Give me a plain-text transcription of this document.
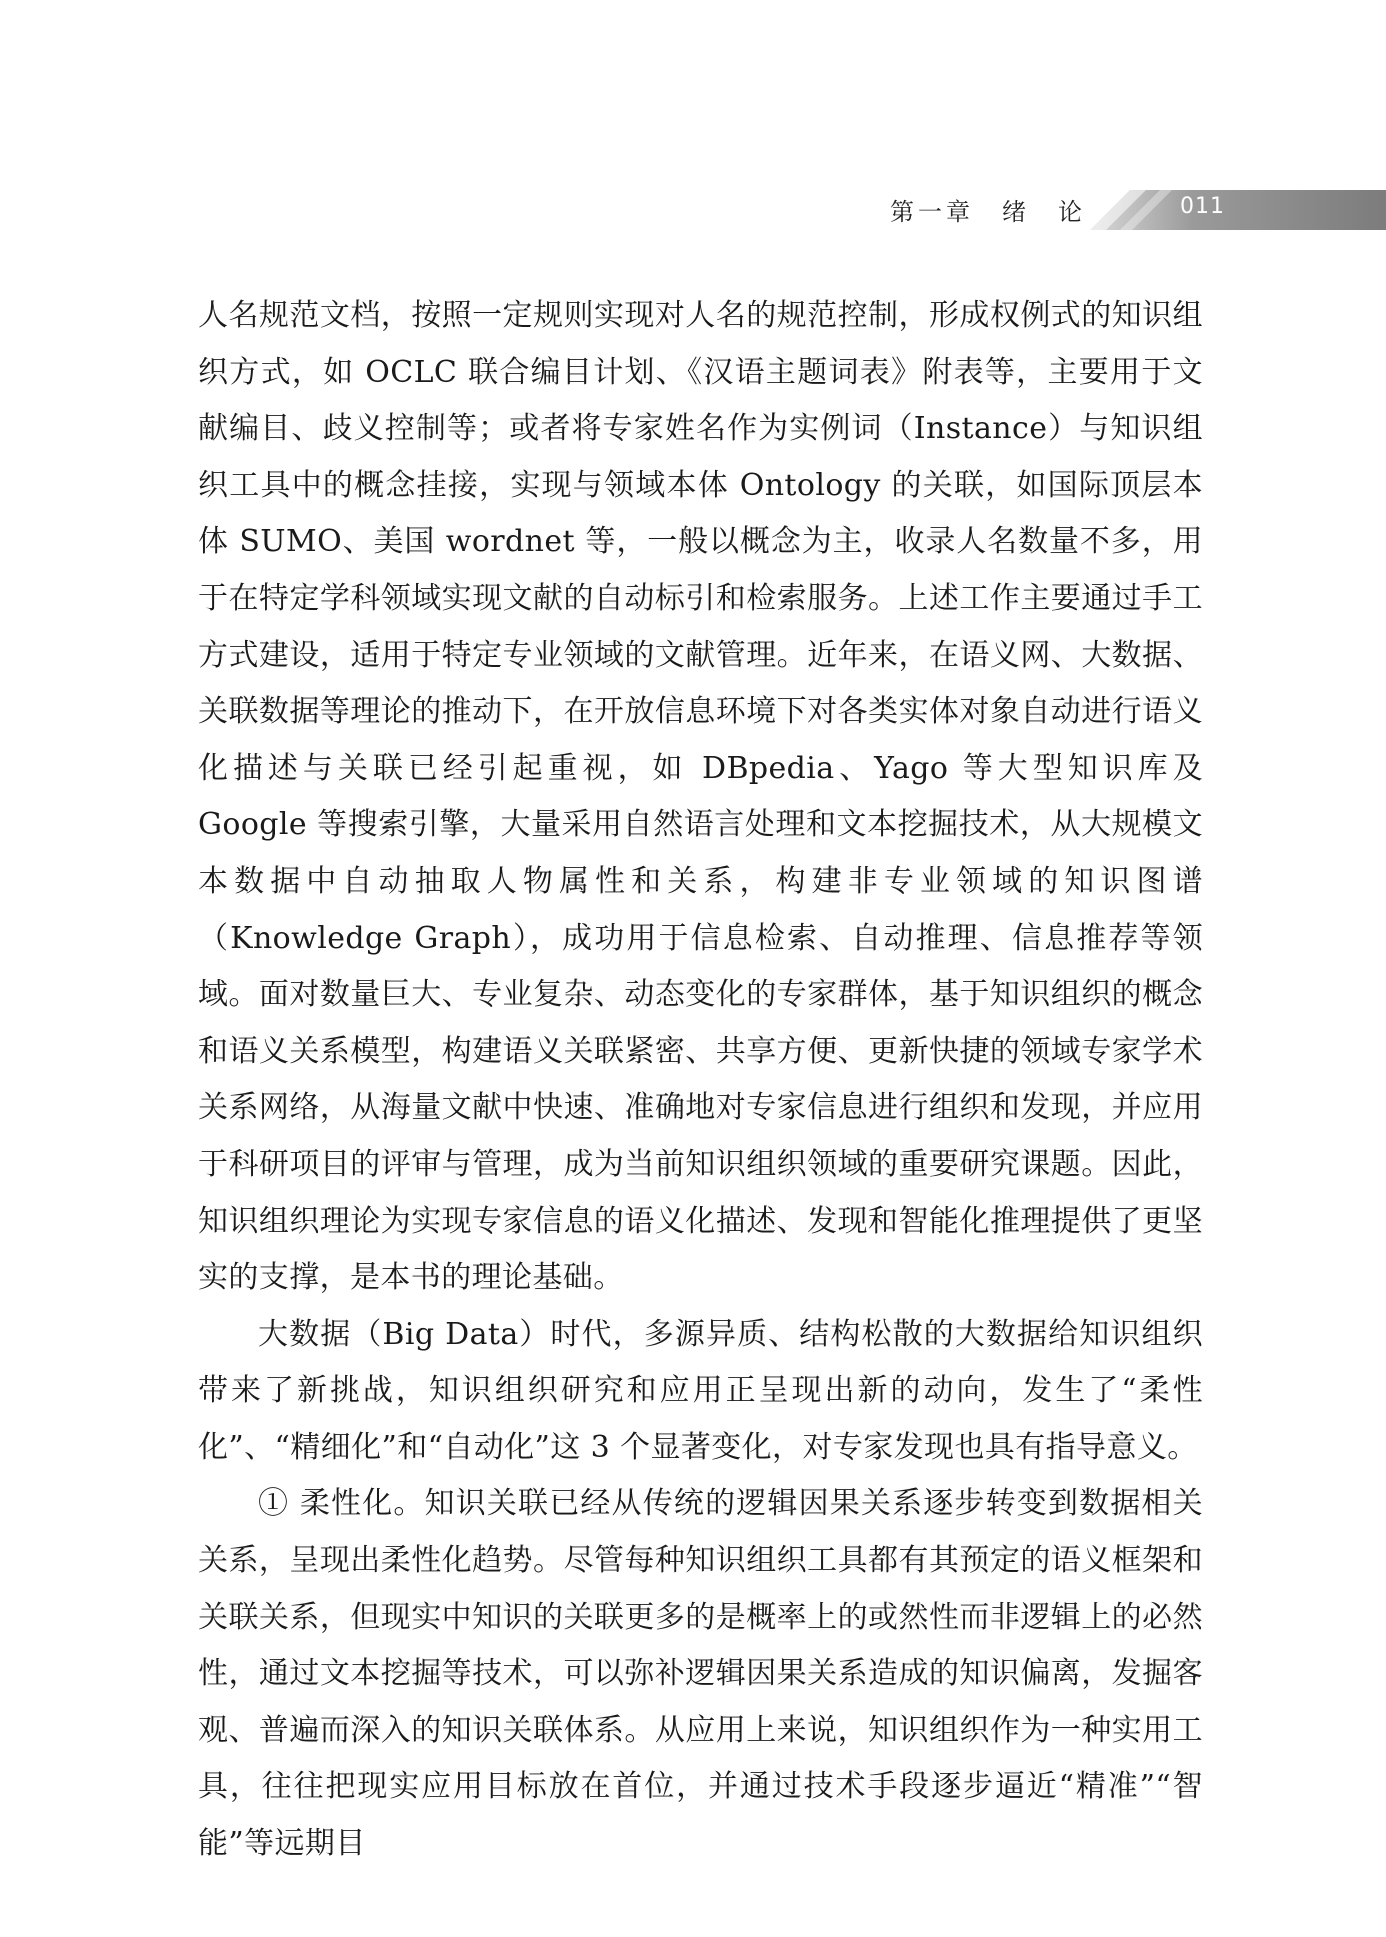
第一章　绪　论	011

人名规范文档，按照一定规则实现对人名的规范控制，形成权例式的知识组织方式，如 OCLC 联合编目计划、《汉语主题词表》附表等，主要用于文献编目、歧义控制等；或者将专家姓名作为实例词（Instance）与知识组织工具中的概念挂接，实现与领域本体 Ontology 的关联，如国际顶层本体 SUMO、美国 wordnet 等，一般以概念为主，收录人名数量不多，用于在特定学科领域实现文献的自动标引和检索服务。上述工作主要通过手工方式建设，适用于特定专业领域的文献管理。近年来，在语义网、大数据、关联数据等理论的推动下，在开放信息环境下对各类实体对象自动进行语义化描述与关联已经引起重视，如 DBpedia、Yago 等大型知识库及 Google 等搜索引擎，大量采用自然语言处理和文本挖掘技术，从大规模文本数据中自动抽取人物属性和关系，构建非专业领域的知识图谱（Knowledge Graph），成功用于信息检索、自动推理、信息推荐等领域。面对数量巨大、专业复杂、动态变化的专家群体，基于知识组织的概念和语义关系模型，构建语义关联紧密、共享方便、更新快捷的领域专家学术关系网络，从海量文献中快速、准确地对专家信息进行组织和发现，并应用于科研项目的评审与管理，成为当前知识组织领域的重要研究课题。因此，知识组织理论为实现专家信息的语义化描述、发现和智能化推理提供了更坚实的支撑，是本书的理论基础。

大数据（Big Data）时代，多源异质、结构松散的大数据给知识组织带来了新挑战，知识组织研究和应用正呈现出新的动向，发生了“柔性化”、“精细化”和“自动化”这 3 个显著变化，对专家发现也具有指导意义。

① 柔性化。知识关联已经从传统的逻辑因果关系逐步转变到数据相关关系，呈现出柔性化趋势。尽管每种知识组织工具都有其预定的语义框架和关联关系，但现实中知识的关联更多的是概率上的或然性而非逻辑上的必然性，通过文本挖掘等技术，可以弥补逻辑因果关系造成的知识偏离，发掘客观、普遍而深入的知识关联体系。从应用上来说，知识组织作为一种实用工具，往往把现实应用目标放在首位，并通过技术手段逐步逼近“精准”“智能”等远期目
